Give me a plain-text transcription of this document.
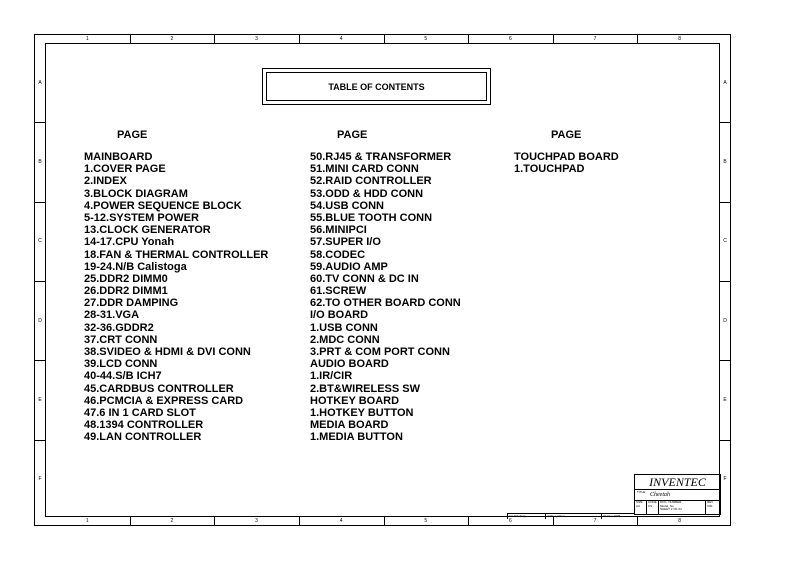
1	2	3	4	5	6	7	8
1	2	3	4	5	6	7	8
A
B
C
D
E
F
A
B
C
D
E
F
TABLE OF CONTENTS
PAGE	PAGE	PAGE
MAINBOARD
1.COVER PAGE
2.INDEX
3.BLOCK DIAGRAM
4.POWER SEQUENCE BLOCK
5-12.SYSTEM POWER
13.CLOCK GENERATOR
14-17.CPU Yonah
18.FAN & THERMAL CONTROLLER
19-24.N/B Calistoga
25.DDR2 DIMM0
26.DDR2 DIMM1
27.DDR DAMPING
28-31.VGA
32-36.GDDR2
37.CRT CONN
38.SVIDEO & HDMI & DVI CONN
39.LCD CONN
40-44.S/B ICH7
45.CARDBUS CONTROLLER
46.PCMCIA & EXPRESS CARD
47.6 IN 1 CARD SLOT
48.1394 CONTROLLER
49.LAN CONTROLLER
50.RJ45 & TRANSFORMER
51.MINI CARD CONN
52.RAID CONTROLLER
53.ODD & HDD CONN
54.USB CONN
55.BLUE TOOTH CONN
56.MINIPCI
57.SUPER I/O
58.CODEC
59.AUDIO AMP
60.TV CONN & DC IN
61.SCREW
62.TO OTHER BOARD CONN
I/O BOARD
1.USB CONN
2.MDC CONN
3.PRT & COM PORT CONN
AUDIO BOARD
1.IR/CIR
2.BT&WIRELESS SW
HOTKEY BOARD
1.HOTKEY BUTTON
MEDIA BOARD
1.MEDIA BUTTON
TOUCHPAD BOARD
1.TOUCHPAD
CHANGE by	Author_Chen	29-Dec-2005
INVENTEC
TITLE Cheetah
SIZE
A3
CODE
CS
DOC. NUMBER
Model_No
SHEET 2 OF 64
REV
X00
